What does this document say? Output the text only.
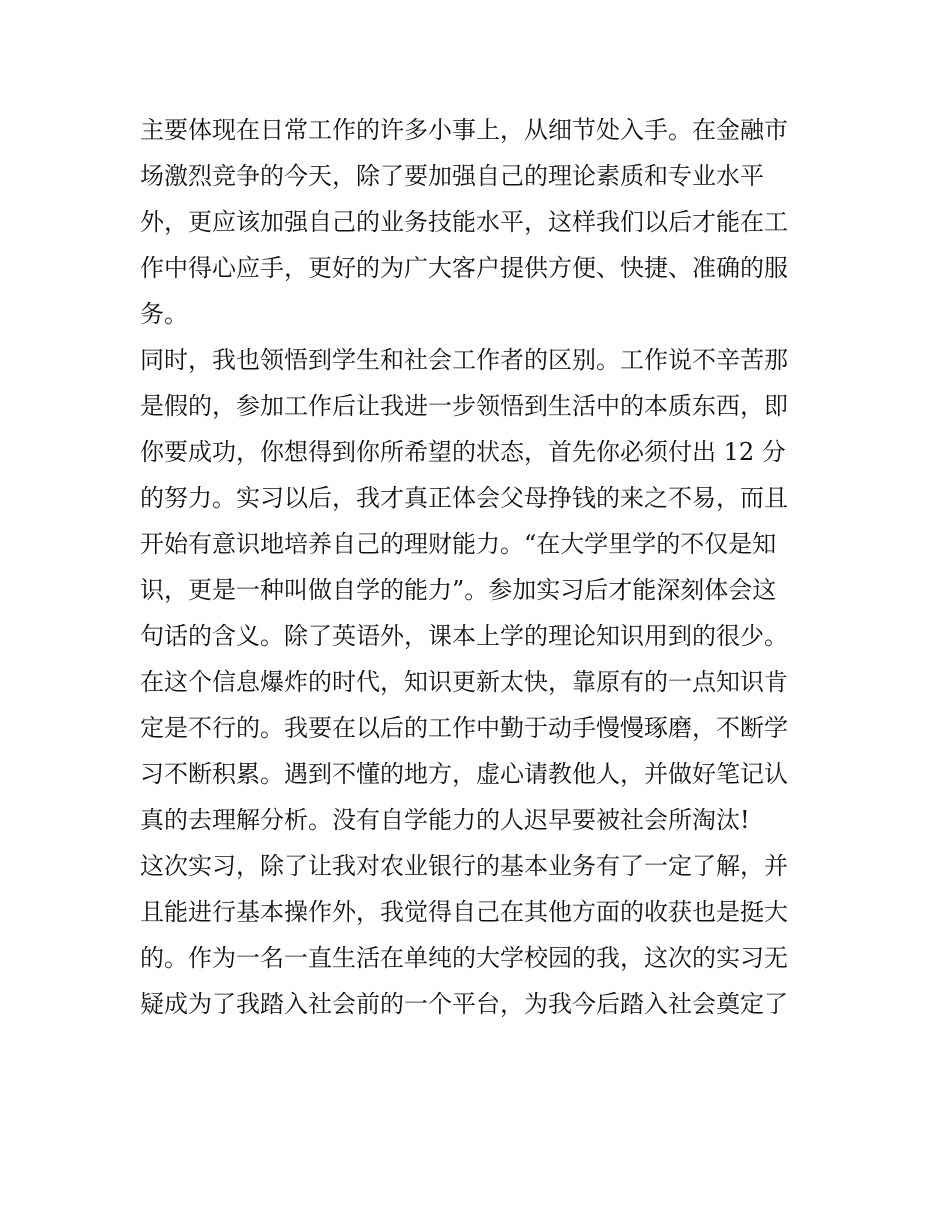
主要体现在日常工作的许多小事上，从细节处入手。在金融市
场激烈竞争的今天，除了要加强自己的理论素质和专业水平
外，更应该加强自己的业务技能水平，这样我们以后才能在工
作中得心应手，更好的为广大客户提供方便、快捷、准确的服
务。
同时，我也领悟到学生和社会工作者的区别。工作说不辛苦那
是假的，参加工作后让我进一步领悟到生活中的本质东西，即
你要成功，你想得到你所希望的状态，首先你必须付出 12 分
的努力。实习以后，我才真正体会父母挣钱的来之不易，而且
开始有意识地培养自己的理财能力。“在大学里学的不仅是知
识，更是一种叫做自学的能力”。参加实习后才能深刻体会这
句话的含义。除了英语外，课本上学的理论知识用到的很少。
在这个信息爆炸的时代，知识更新太快，靠原有的一点知识肯
定是不行的。我要在以后的工作中勤于动手慢慢琢磨，不断学
习不断积累。遇到不懂的地方，虚心请教他人，并做好笔记认
真的去理解分析。没有自学能力的人迟早要被社会所淘汰!
这次实习，除了让我对农业银行的基本业务有了一定了解，并
且能进行基本操作外，我觉得自己在其他方面的收获也是挺大
的。作为一名一直生活在单纯的大学校园的我，这次的实习无
疑成为了我踏入社会前的一个平台，为我今后踏入社会奠定了
